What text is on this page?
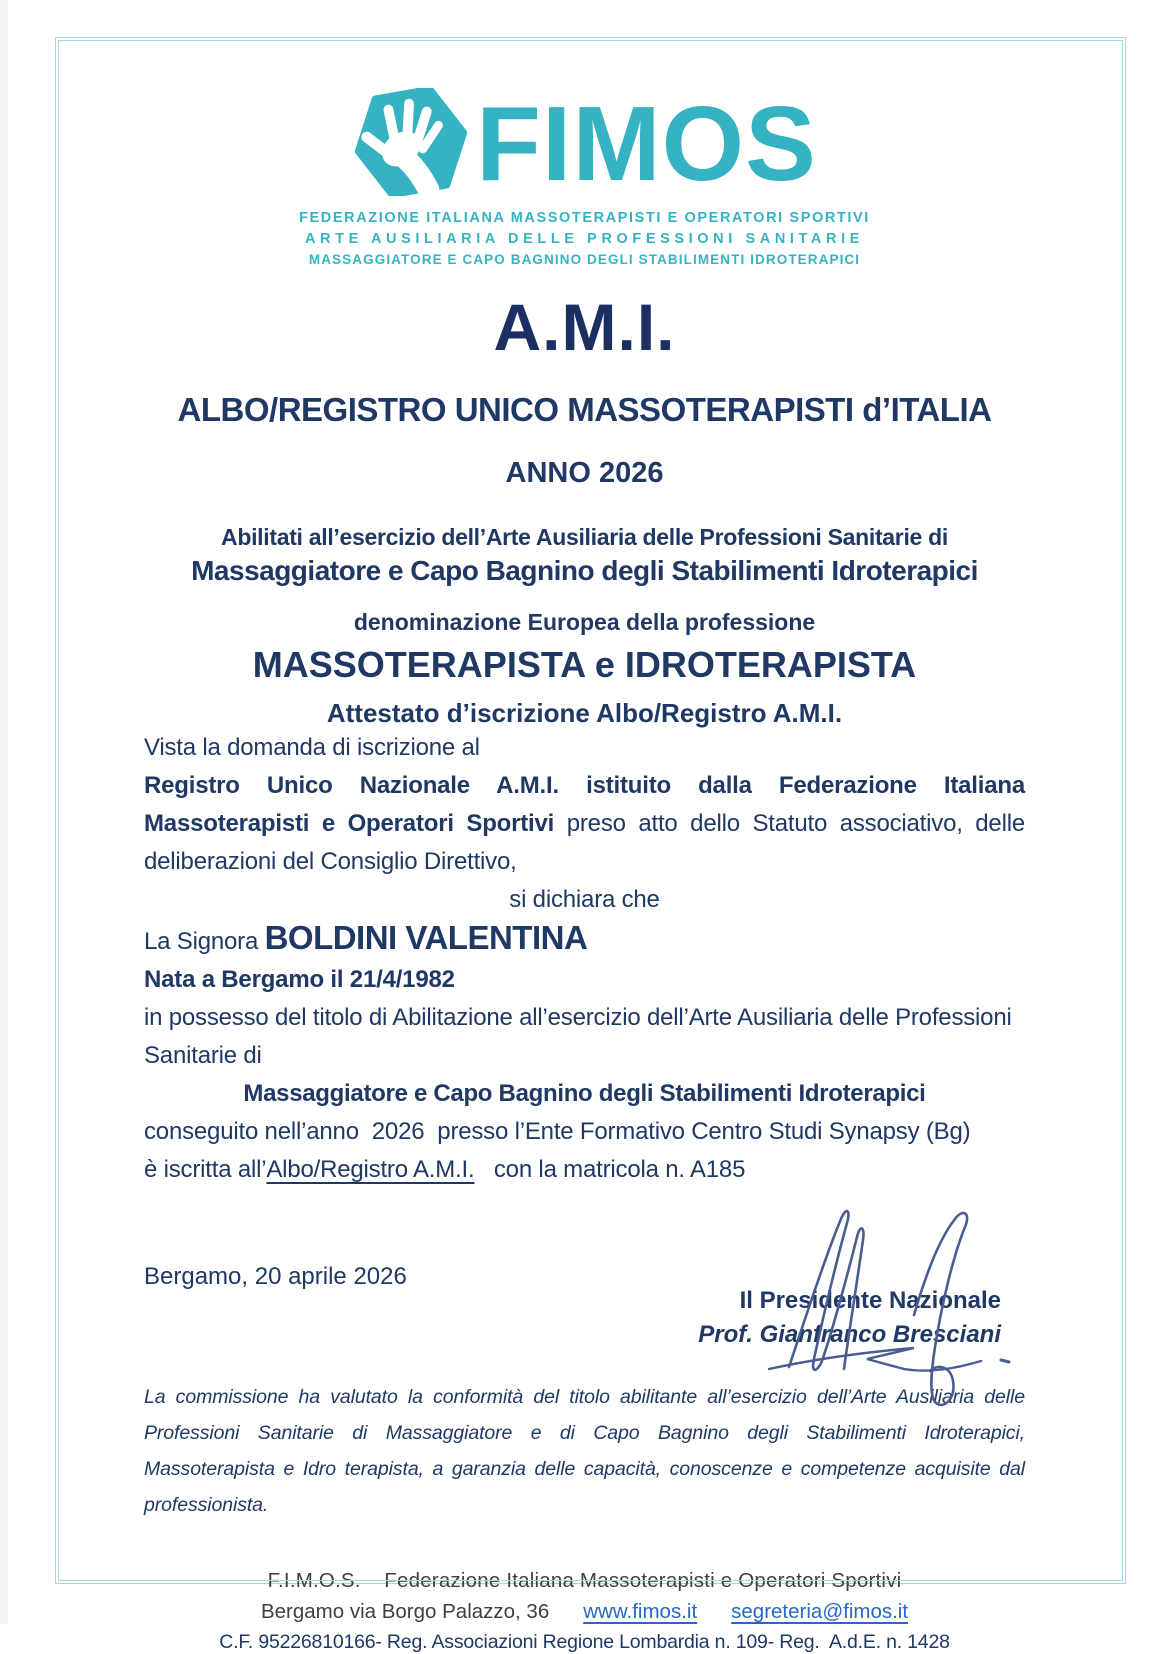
FIMOS
FEDERAZIONE ITALIANA MASSOTERAPISTI E OPERATORI SPORTIVI
ARTE AUSILIARIA DELLE PROFESSIONI SANITARIE
MASSAGGIATORE E CAPO BAGNINO DEGLI STABILIMENTI IDROTERAPICI
A.M.I.
ALBO/REGISTRO UNICO MASSOTERAPISTI d’ITALIA
ANNO 2026
Abilitati all’esercizio dell’Arte Ausiliaria delle Professioni Sanitarie di
Massaggiatore e Capo Bagnino degli Stabilimenti Idroterapici
denominazione Europea della professione
MASSOTERAPISTA e IDROTERAPISTA
Attestato d’iscrizione Albo/Registro A.M.I.

Vista la domanda di iscrizione al

Registro Unico Nazionale A.M.I. istituito dalla Federazione Italiana Massoterapisti e Operatori Sportivi preso atto dello Statuto associativo, delle deliberazioni del Consiglio Direttivo,

si dichiara che

La Signora BOLDINI VALENTINA

Nata a Bergamo il 21/4/1982

in possesso del titolo di Abilitazione all’esercizio dell’Arte Ausiliaria delle Professioni Sanitarie di

Massaggiatore e Capo Bagnino degli Stabilimenti Idroterapici

conseguito nell’anno  2026  presso l’Ente Formativo Centro Studi Synapsy (Bg)

è iscritta all’Albo/Registro A.M.I.   con la matricola n. A185

Bergamo, 20 aprile 2026
Il Presidente Nazionale
Prof. Gianfranco Bresciani

La commissione ha valutato la conformità del titolo abilitante all’esercizio dell’Arte Ausiliaria delle Professioni Sanitarie di Massaggiatore e di Capo Bagnino degli Stabilimenti Idroterapici, Massoterapista e Idro terapista, a garanzia delle capacità, conoscenze e competenze acquisite dal professionista.

F.I.M.O.S.    Federazione Italiana Massoterapisti e Operatori Sportivi
Bergamo via Borgo Palazzo, 36 www.fimos.it segreteria@fimos.it
C.F. 95226810166- Reg. Associazioni Regione Lombardia n. 109- Reg.  A.d.E. n. 1428
